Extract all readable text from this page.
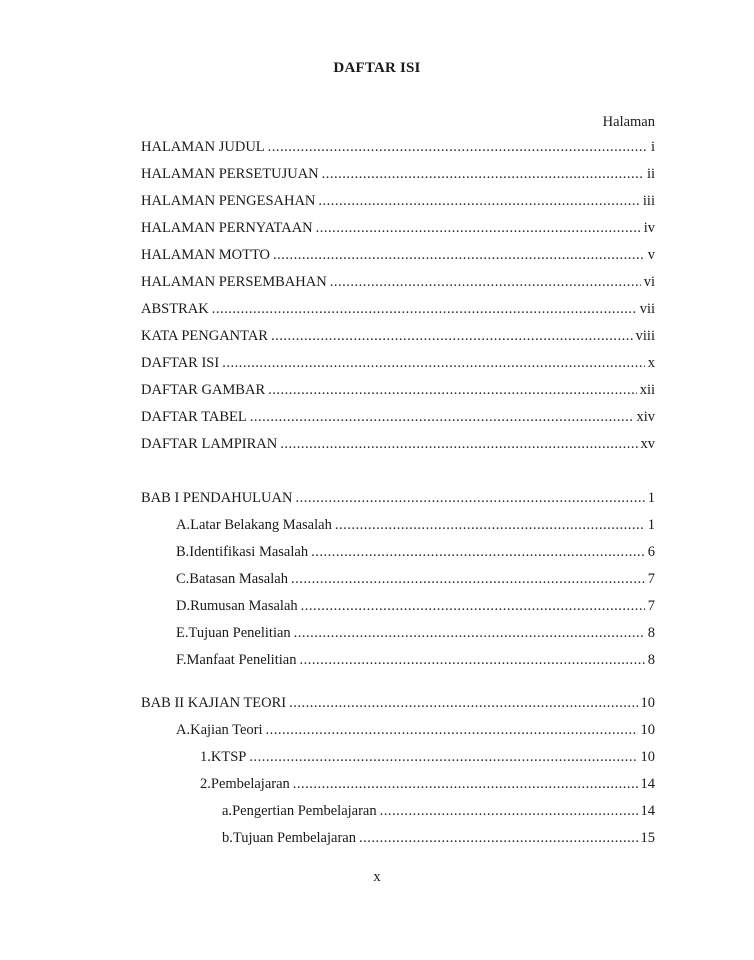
DAFTAR ISI
Halaman
HALAMAN JUDUL .....	i
HALAMAN PERSETUJUAN .....	ii
HALAMAN PENGESAHAN .....	iii
HALAMAN PERNYATAAN .....	iv
HALAMAN MOTTO .....	v
HALAMAN PERSEMBAHAN .....	vi
ABSTRAK .....	vii
KATA PENGANTAR .....	viii
DAFTAR ISI .....	x
DAFTAR GAMBAR .....	xii
DAFTAR TABEL .....	xiv
DAFTAR LAMPIRAN .....	xv
BAB I PENDAHULUAN .....	1
A. Latar Belakang Masalah .....	1
B. Identifikasi Masalah .....	6
C. Batasan Masalah .....	7
D. Rumusan Masalah .....	7
E. Tujuan Penelitian .....	8
F. Manfaat Penelitian .....	8
BAB II KAJIAN TEORI .....	10
A. Kajian Teori .....	10
1. KTSP .....	10
2. Pembelajaran .....	14
a. Pengertian Pembelajaran .....	14
b. Tujuan Pembelajaran .....	15
x
